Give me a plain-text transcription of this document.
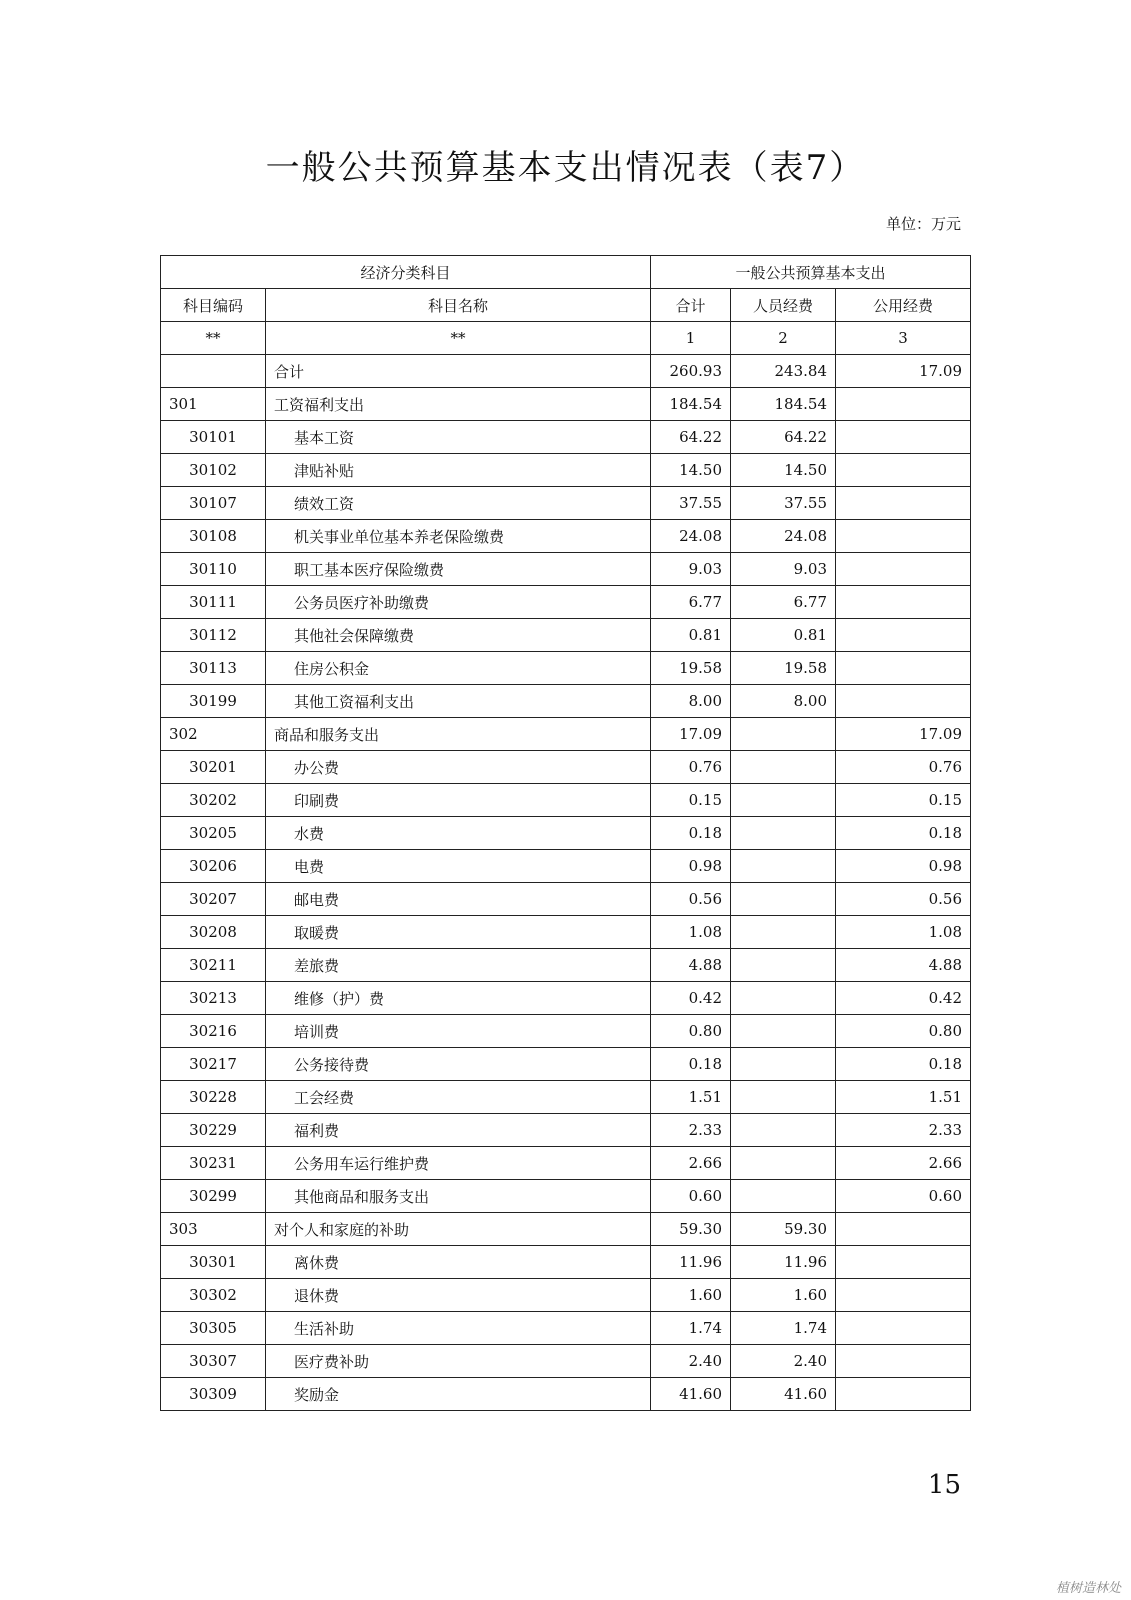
一般公共预算基本支出情况表（表7）
单位：万元
经济分类科目		一般公共预算基本支出		
科目编码	科目名称	合计	人员经费	公用经费
**	**	1	2	3
	合计	260.93	243.84	17.09
301	工资福利支出	184.54	184.54	
30101	基本工资	64.22	64.22	
30102	津贴补贴	14.50	14.50	
30107	绩效工资	37.55	37.55	
30108	机关事业单位基本养老保险缴费	24.08	24.08	
30110	职工基本医疗保险缴费	9.03	9.03	
30111	公务员医疗补助缴费	6.77	6.77	
30112	其他社会保障缴费	0.81	0.81	
30113	住房公积金	19.58	19.58	
30199	其他工资福利支出	8.00	8.00	
302	商品和服务支出	17.09		17.09
30201	办公费	0.76		0.76
30202	印刷费	0.15		0.15
30205	水费	0.18		0.18
30206	电费	0.98		0.98
30207	邮电费	0.56		0.56
30208	取暖费	1.08		1.08
30211	差旅费	4.88		4.88
30213	维修（护）费	0.42		0.42
30216	培训费	0.80		0.80
30217	公务接待费	0.18		0.18
30228	工会经费	1.51		1.51
30229	福利费	2.33		2.33
30231	公务用车运行维护费	2.66		2.66
30299	其他商品和服务支出	0.60		0.60
303	对个人和家庭的补助	59.30	59.30	
30301	离休费	11.96	11.96	
30302	退休费	1.60	1.60	
30305	生活补助	1.74	1.74	
30307	医疗费补助	2.40	2.40	
30309	奖励金	41.60	41.60	
15
植树造林处
